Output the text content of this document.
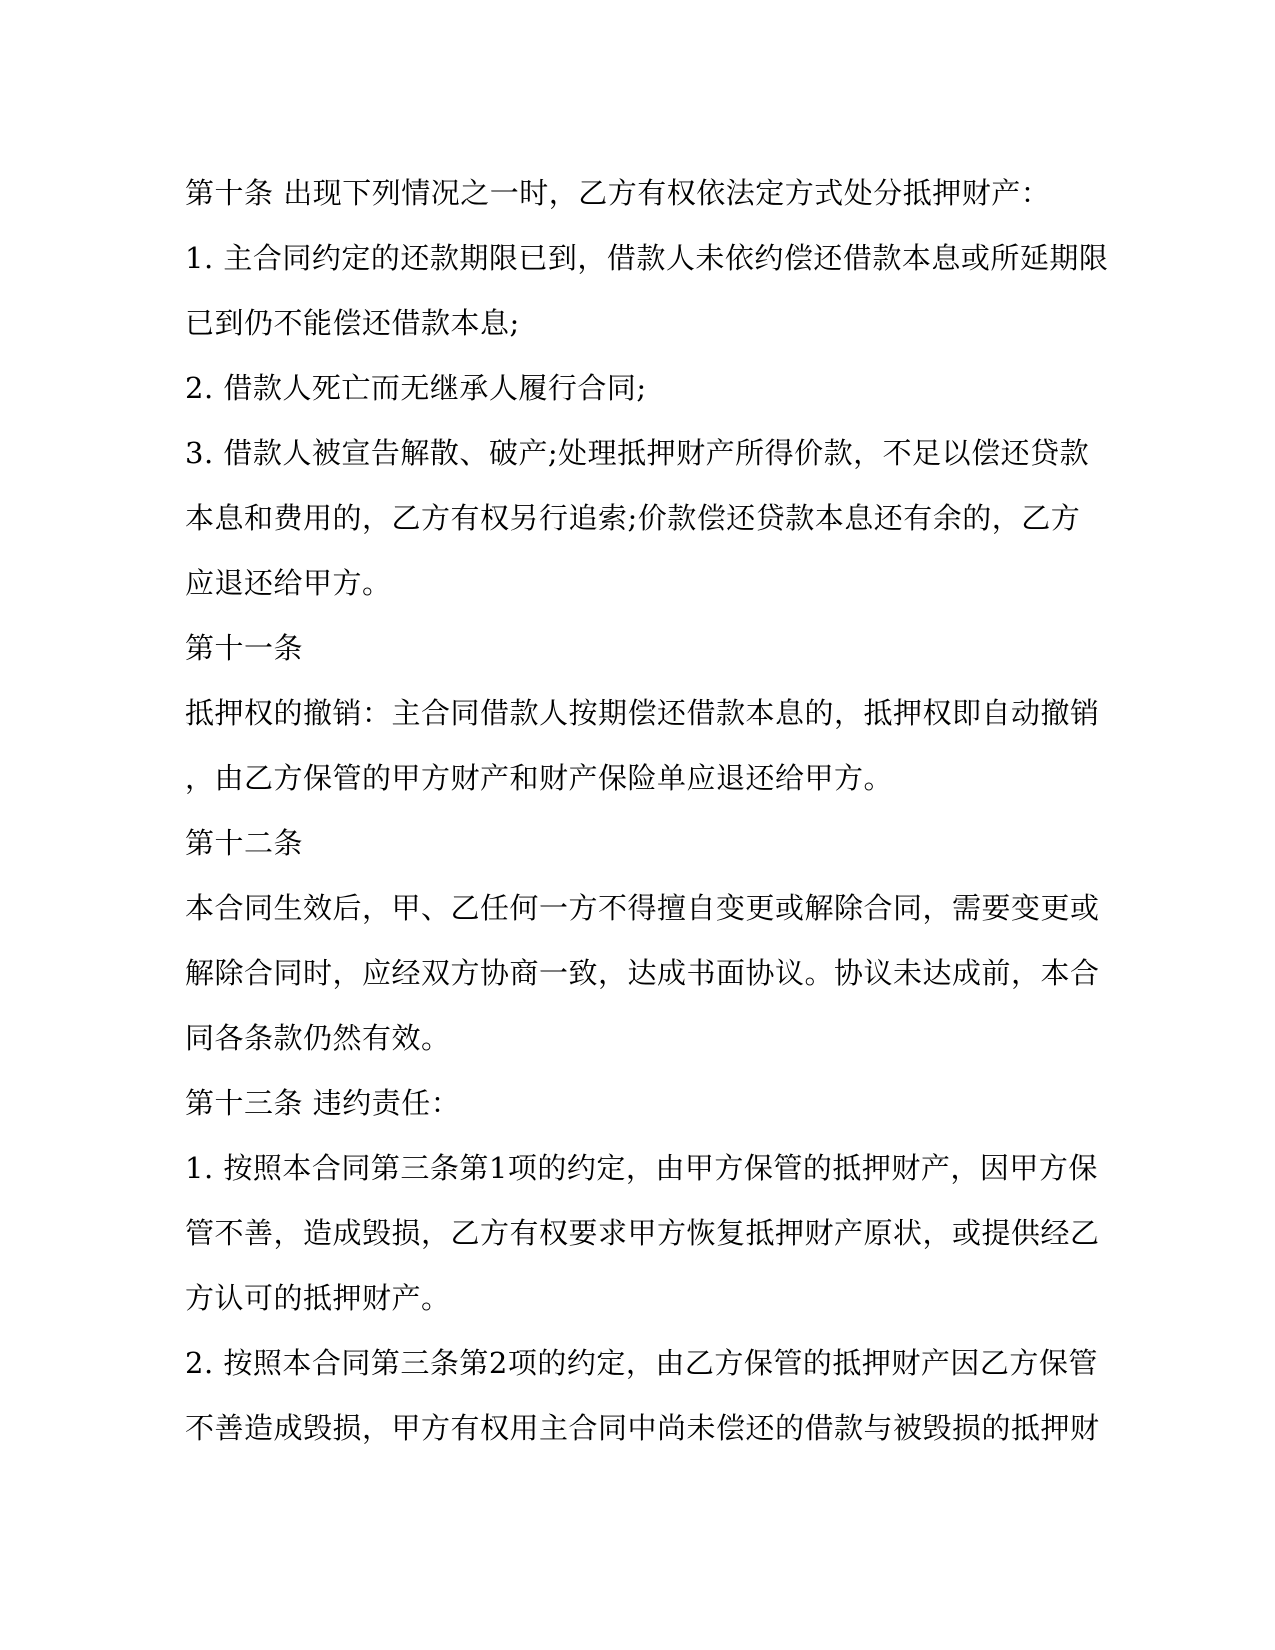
第十条 出现下列情况之一时，乙方有权依法定方式处分抵押财产：
1. 主合同约定的还款期限已到，借款人未依约偿还借款本息或所延期限
已到仍不能偿还借款本息;
2. 借款人死亡而无继承人履行合同;
3. 借款人被宣告解散、破产;处理抵押财产所得价款，不足以偿还贷款
本息和费用的，乙方有权另行追索;价款偿还贷款本息还有余的，乙方
应退还给甲方。
第十一条
抵押权的撤销：主合同借款人按期偿还借款本息的，抵押权即自动撤销
，由乙方保管的甲方财产和财产保险单应退还给甲方。
第十二条
本合同生效后，甲、乙任何一方不得擅自变更或解除合同，需要变更或
解除合同时，应经双方协商一致，达成书面协议。协议未达成前，本合
同各条款仍然有效。
第十三条 违约责任：
1. 按照本合同第三条第1项的约定，由甲方保管的抵押财产，因甲方保
管不善，造成毁损，乙方有权要求甲方恢复抵押财产原状，或提供经乙
方认可的抵押财产。
2. 按照本合同第三条第2项的约定，由乙方保管的抵押财产因乙方保管
不善造成毁损，甲方有权用主合同中尚未偿还的借款与被毁损的抵押财
